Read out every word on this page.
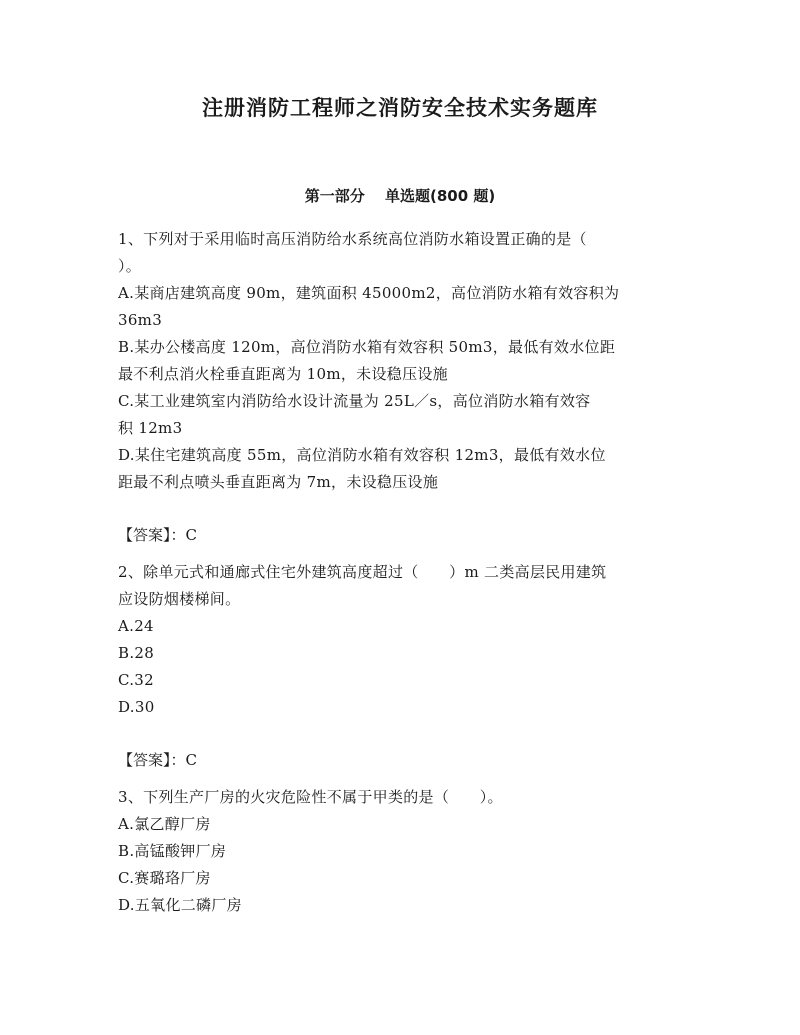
注册消防工程师之消防安全技术实务题库
第一部分　 单选题(800 题)
1、下列对于采用临时高压消防给水系统高位消防水箱设置正确的是（
）。
A.某商店建筑高度 90m，建筑面积 45000m2，高位消防水箱有效容积为
36m3
B.某办公楼高度 120m，高位消防水箱有效容积 50m3，最低有效水位距
最不利点消火栓垂直距离为 10m，未设稳压设施
C.某工业建筑室内消防给水设计流量为 25L／s，高位消防水箱有效容
积 12m3
D.某住宅建筑高度 55m，高位消防水箱有效容积 12m3，最低有效水位
距最不利点喷头垂直距离为 7m，未设稳压设施
【答案】：C
2、除单元式和通廊式住宅外建筑高度超过（　　）m 二类高层民用建筑
应设防烟楼梯间。
A.24
B.28
C.32
D.30
【答案】：C
3、下列生产厂房的火灾危险性不属于甲类的是（　　）。
A.氯乙醇厂房
B.高锰酸钾厂房
C.赛璐珞厂房
D.五氧化二磷厂房
